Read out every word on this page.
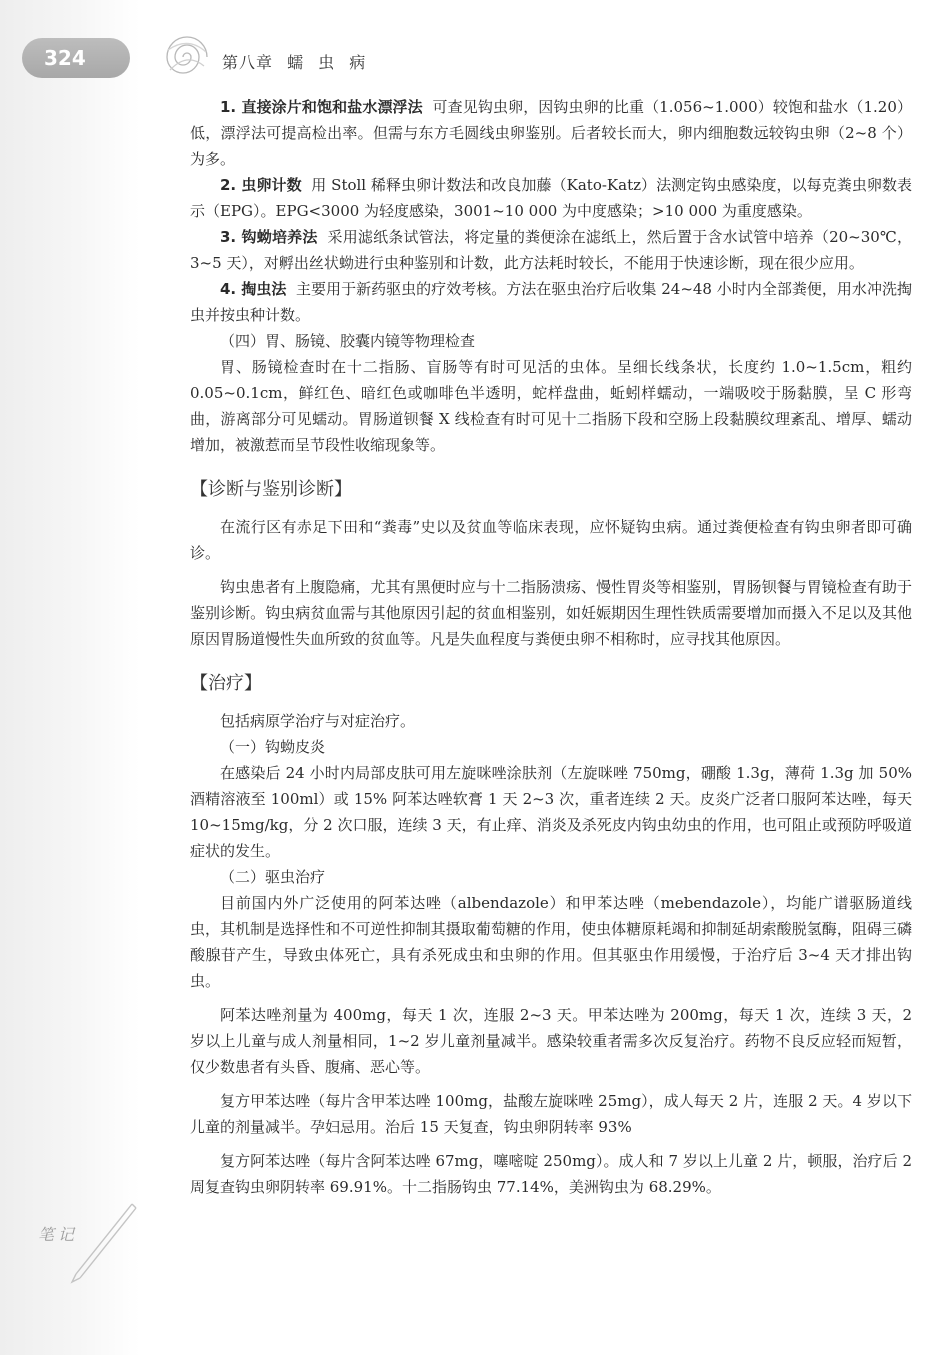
324	第八章 蠕 虫 病

1. 直接涂片和饱和盐水漂浮法 可查见钩虫卵，因钩虫卵的比重（1.056~1.000）较饱和盐水（1.20）低，漂浮法可提高检出率。但需与东方毛圆线虫卵鉴别。后者较长而大，卵内细胞数远较钩虫卵（2~8 个）为多。

2. 虫卵计数 用 Stoll 稀释虫卵计数法和改良加藤（Kato-Katz）法测定钩虫感染度，以每克粪虫卵数表示（EPG）。EPG<3000 为轻度感染，3001~10 000 为中度感染；>10 000 为重度感染。

3. 钩蚴培养法 采用滤纸条试管法，将定量的粪便涂在滤纸上，然后置于含水试管中培养（20~30℃，3~5 天），对孵出丝状蚴进行虫种鉴别和计数，此方法耗时较长，不能用于快速诊断，现在很少应用。

4. 掏虫法 主要用于新药驱虫的疗效考核。方法在驱虫治疗后收集 24~48 小时内全部粪便，用水冲洗掏虫并按虫种计数。

（四）胃、肠镜、胶囊内镜等物理检查

胃、肠镜检查时在十二指肠、盲肠等有时可见活的虫体。呈细长线条状，长度约 1.0~1.5cm，粗约 0.05~0.1cm，鲜红色、暗红色或咖啡色半透明，蛇样盘曲，蚯蚓样蠕动，一端吸咬于肠黏膜，呈 C 形弯曲，游离部分可见蠕动。胃肠道钡餐 X 线检查有时可见十二指肠下段和空肠上段黏膜纹理紊乱、增厚、蠕动增加，被激惹而呈节段性收缩现象等。

【诊断与鉴别诊断】

在流行区有赤足下田和“粪毒”史以及贫血等临床表现，应怀疑钩虫病。通过粪便检查有钩虫卵者即可确诊。

钩虫患者有上腹隐痛，尤其有黑便时应与十二指肠溃疡、慢性胃炎等相鉴别，胃肠钡餐与胃镜检查有助于鉴别诊断。钩虫病贫血需与其他原因引起的贫血相鉴别，如妊娠期因生理性铁质需要增加而摄入不足以及其他原因胃肠道慢性失血所致的贫血等。凡是失血程度与粪便虫卵不相称时，应寻找其他原因。

【治疗】

包括病原学治疗与对症治疗。

（一）钩蚴皮炎

在感染后 24 小时内局部皮肤可用左旋咪唑涂肤剂（左旋咪唑 750mg，硼酸 1.3g，薄荷 1.3g 加 50% 酒精溶液至 100ml）或 15% 阿苯达唑软膏 1 天 2~3 次，重者连续 2 天。皮炎广泛者口服阿苯达唑，每天 10~15mg/kg，分 2 次口服，连续 3 天，有止痒、消炎及杀死皮内钩虫幼虫的作用，也可阻止或预防呼吸道症状的发生。

（二）驱虫治疗

目前国内外广泛使用的阿苯达唑（albendazole）和甲苯达唑（mebendazole），均能广谱驱肠道线虫，其机制是选择性和不可逆性抑制其摄取葡萄糖的作用，使虫体糖原耗竭和抑制延胡索酸脱氢酶，阻碍三磷酸腺苷产生，导致虫体死亡，具有杀死成虫和虫卵的作用。但其驱虫作用缓慢，于治疗后 3~4 天才排出钩虫。

阿苯达唑剂量为 400mg，每天 1 次，连服 2~3 天。甲苯达唑为 200mg，每天 1 次，连续 3 天，2 岁以上儿童与成人剂量相同，1~2 岁儿童剂量减半。感染较重者需多次反复治疗。药物不良反应轻而短暂，仅少数患者有头昏、腹痛、恶心等。

复方甲苯达唑（每片含甲苯达唑 100mg，盐酸左旋咪唑 25mg），成人每天 2 片，连服 2 天。4 岁以下儿童的剂量减半。孕妇忌用。治后 15 天复查，钩虫卵阴转率 93%

复方阿苯达唑（每片含阿苯达唑 67mg，噻嘧啶 250mg）。成人和 7 岁以上儿童 2 片，顿服，治疗后 2 周复查钩虫卵阴转率 69.91%。十二指肠钩虫 77.14%，美洲钩虫为 68.29%。

笔记
